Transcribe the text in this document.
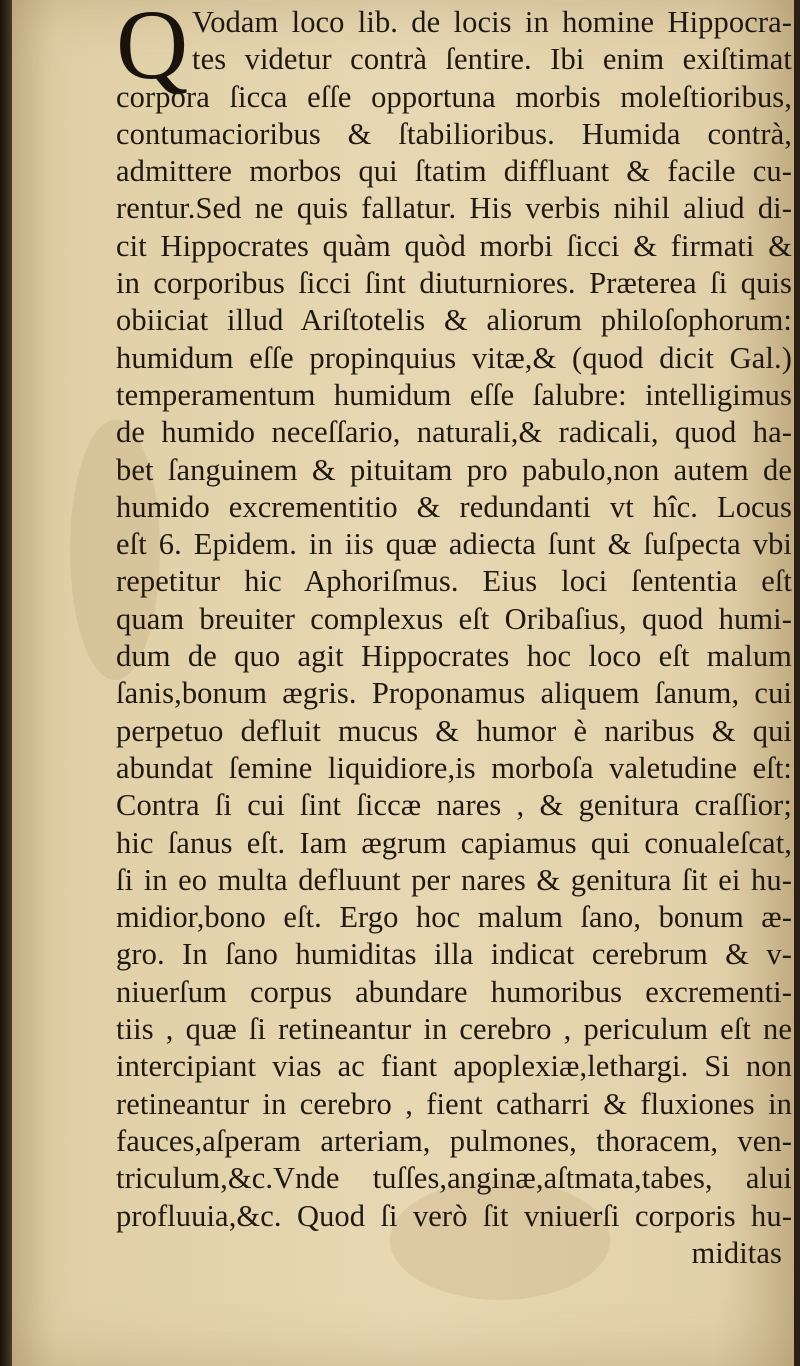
Q Vodam loco lib. de locis in homine Hippocra-
tes videtur contrà ſentire. Ibi enim exiſtimat
corpora ſicca eſſe opportuna morbis moleſtioribus,
contumacioribus & ſtabilioribus. Humida contrà,
admittere morbos qui ſtatim diffluant & facile cu-
rentur.Sed ne quis fallatur. His verbis nihil aliud di-
cit Hippocrates quàm quòd morbi ſicci & firmati &
in corporibus ſicci ſint diuturniores. Præterea ſi quis
obiiciat illud Ariſtotelis & aliorum philoſophorum:
humidum eſſe propinquius vitæ,& (quod dicit Gal.)
temperamentum humidum eſſe ſalubre: intelligimus
de humido neceſſario, naturali,& radicali, quod ha-
bet ſanguinem & pituitam pro pabulo,non autem de
humido excrementitio & redundanti vt hîc. Locus
eſt 6. Epidem. in iis quæ adiecta ſunt & ſuſpecta vbi
repetitur hic Aphoriſmus. Eius loci ſententia eſt
quam breuiter complexus eſt Oribaſius, quod humi-
dum de quo agit Hippocrates hoc loco eſt malum
ſanis,bonum ægris. Proponamus aliquem ſanum, cui
perpetuo defluit mucus & humor è naribus & qui
abundat ſemine liquidiore,is morboſa valetudine eſt:
Contra ſi cui ſint ſiccæ nares , & genitura craſſior;
hic ſanus eſt. Iam ægrum capiamus qui conualeſcat,
ſi in eo multa defluunt per nares & genitura ſit ei hu-
midior,bono eſt. Ergo hoc malum ſano, bonum æ-
gro. In ſano humiditas illa indicat cerebrum & v-
niuerſum corpus abundare humoribus excrementi-
tiis , quæ ſi retineantur in cerebro , periculum eſt ne
intercipiant vias ac fiant apoplexiæ,lethargi. Si non
retineantur in cerebro , fient catharri & fluxiones in
fauces,aſperam arteriam, pulmones, thoracem, ven-
triculum,&c.Vnde tuſſes,anginæ,aſtmata,tabes, alui
profluuia,&c. Quod ſi verò ſit vniuerſi corporis hu-
miditas
